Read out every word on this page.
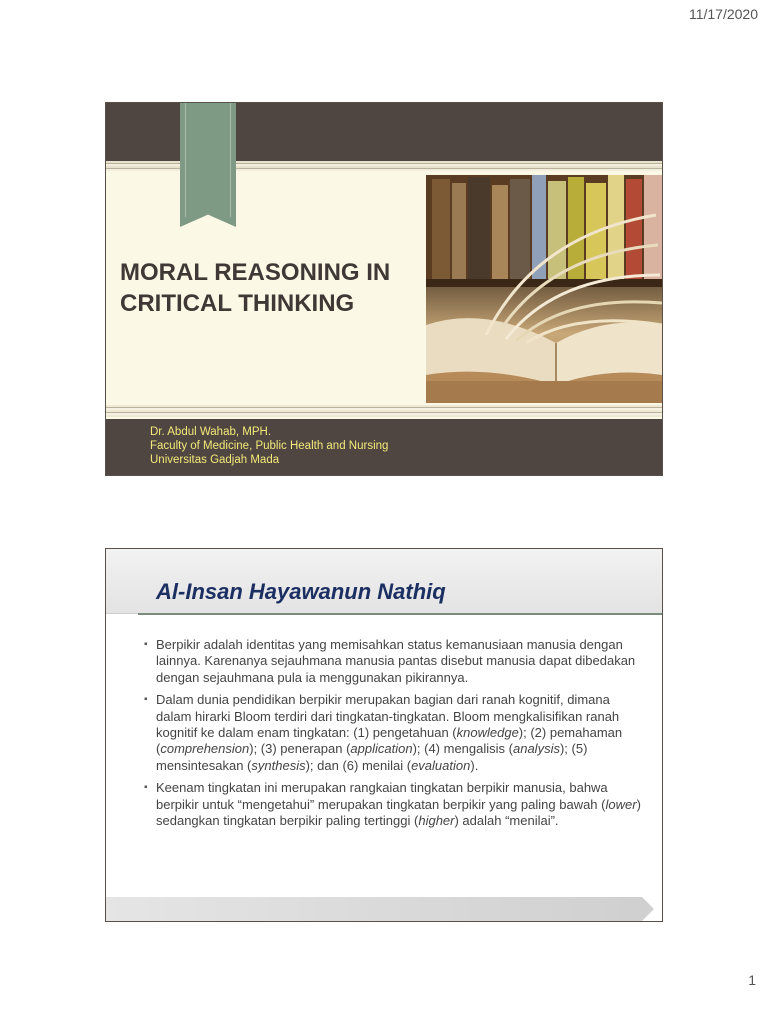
11/17/2020
MORAL REASONING IN CRITICAL THINKING
Dr. Abdul Wahab, MPH.
Faculty of Medicine, Public Health and Nursing
Universitas Gadjah Mada
Al-Insan Hayawanun Nathiq
▪ Berpikir adalah identitas yang memisahkan status kemanusiaan manusia dengan lainnya. Karenanya sejauhmana manusia pantas disebut manusia dapat dibedakan dengan sejauhmana pula ia menggunakan pikirannya.
▪ Dalam dunia pendidikan berpikir merupakan bagian dari ranah kognitif, dimana dalam hirarki Bloom terdiri dari tingkatan-tingkatan. Bloom mengkalisifikan ranah kognitif ke dalam enam tingkatan: (1) pengetahuan (knowledge); (2) pemahaman (comprehension); (3) penerapan (application); (4) mengalisis (analysis); (5) mensintesakan (synthesis); dan (6) menilai (evaluation).
▪ Keenam tingkatan ini merupakan rangkaian tingkatan berpikir manusia, bahwa berpikir untuk “mengetahui” merupakan tingkatan berpikir yang paling bawah (lower) sedangkan tingkatan berpikir paling tertinggi (higher) adalah “menilai”.
1
